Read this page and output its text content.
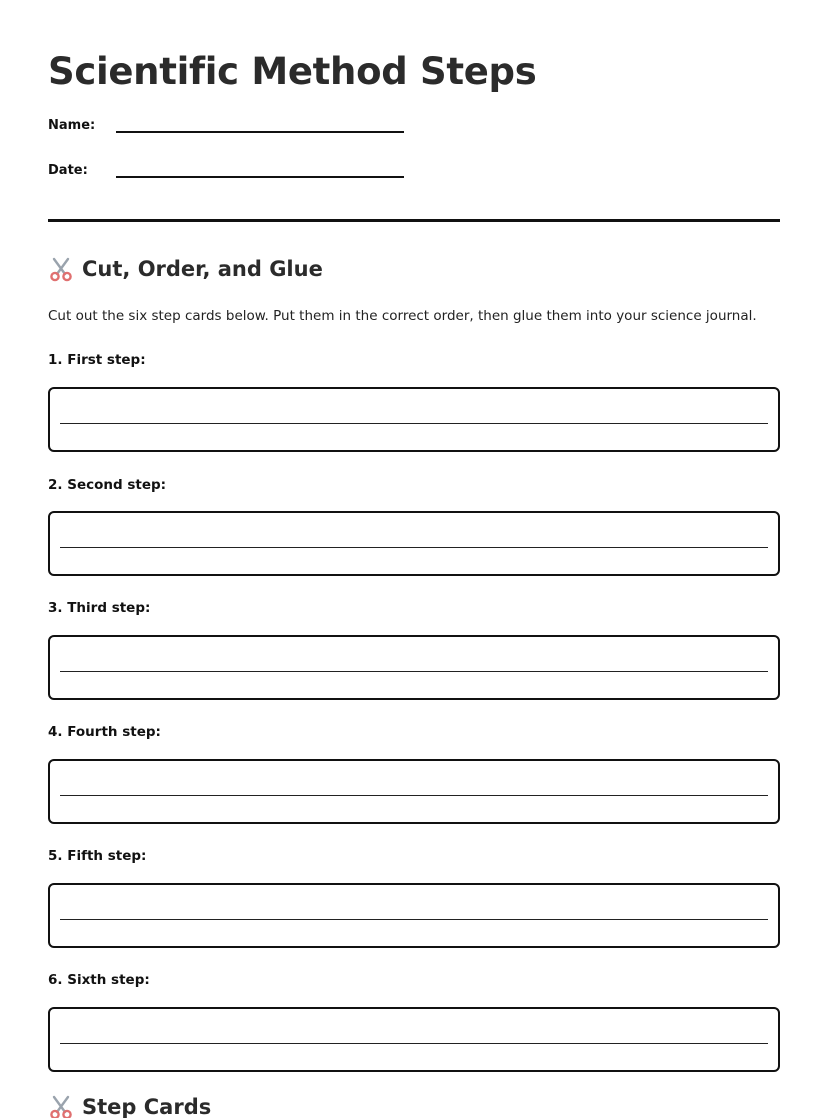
Scientific Method Steps
Name:
Date:
Cut, Order, and Glue

Cut out the six step cards below. Put them in the correct order, then glue them into your science journal.

1. First step:
2. Second step:
3. Third step:
4. Fourth step:
5. Fifth step:
6. Sixth step:
Step Cards
